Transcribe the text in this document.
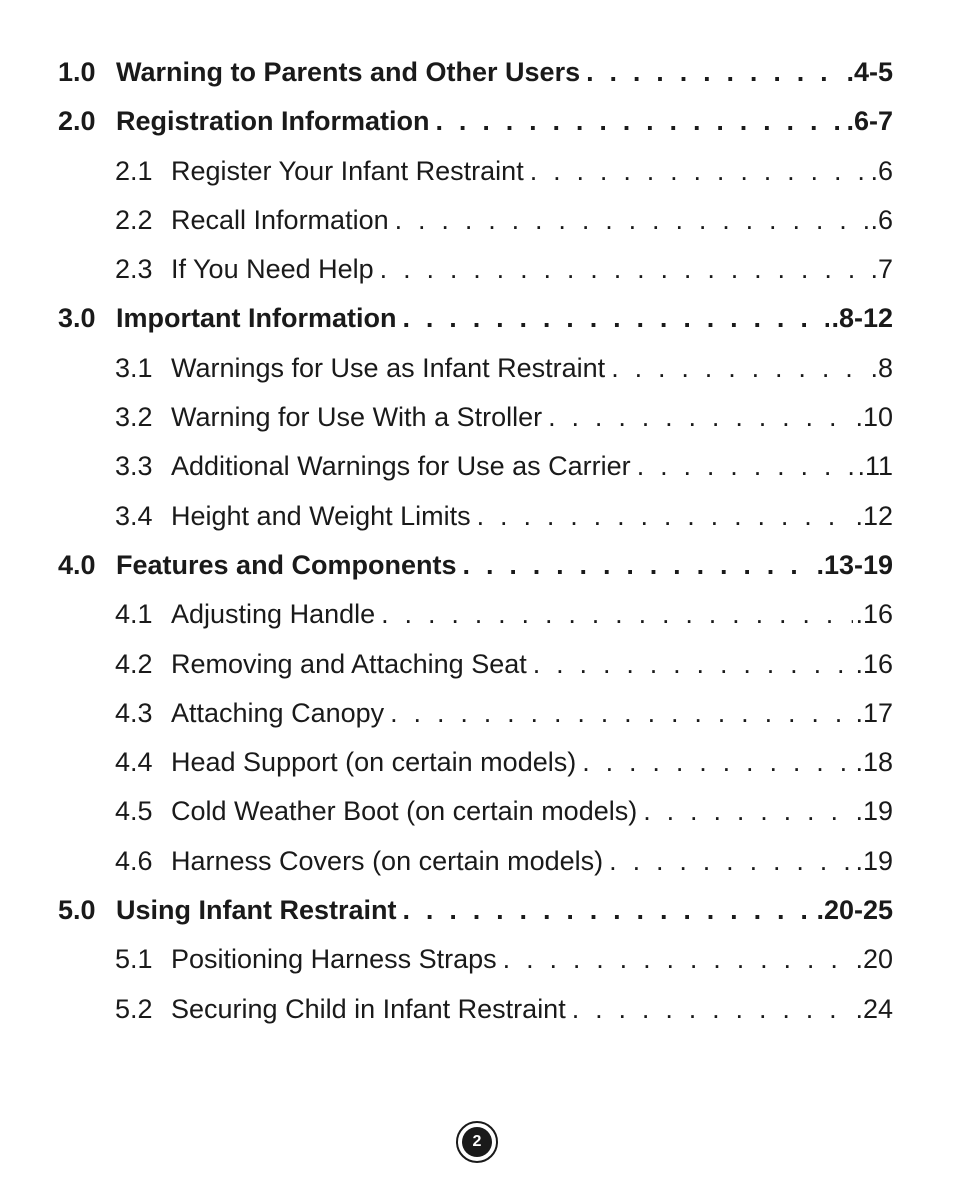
1.0 Warning to Parents and Other Users . . .	.4-5
2.0 Registration Information . . .	.6-7
2.1 Register Your Infant Restraint . . .	.6
2.2 Recall Information . . .	.6
2.3 If You Need Help . . .	.7
3.0 Important Information . . .	.8-12
3.1 Warnings for Use as Infant Restraint . . .	.8
3.2 Warning for Use With a Stroller . . .	.10
3.3 Additional Warnings for Use as Carrier . . .	.11
3.4 Height and Weight Limits . . .	.12
4.0 Features and Components . . .	.13-19
4.1 Adjusting Handle . . .	.16
4.2 Removing and Attaching Seat . . .	.16
4.3 Attaching Canopy . . .	.17
4.4 Head Support (on certain models) . . .	.18
4.5 Cold Weather Boot (on certain models) . . .	.19
4.6 Harness Covers (on certain models) . . .	.19
5.0 Using Infant Restraint . . .	.20-25
5.1 Positioning Harness Straps . . .	.20
5.2 Securing Child in Infant Restraint . . .	.24
2
